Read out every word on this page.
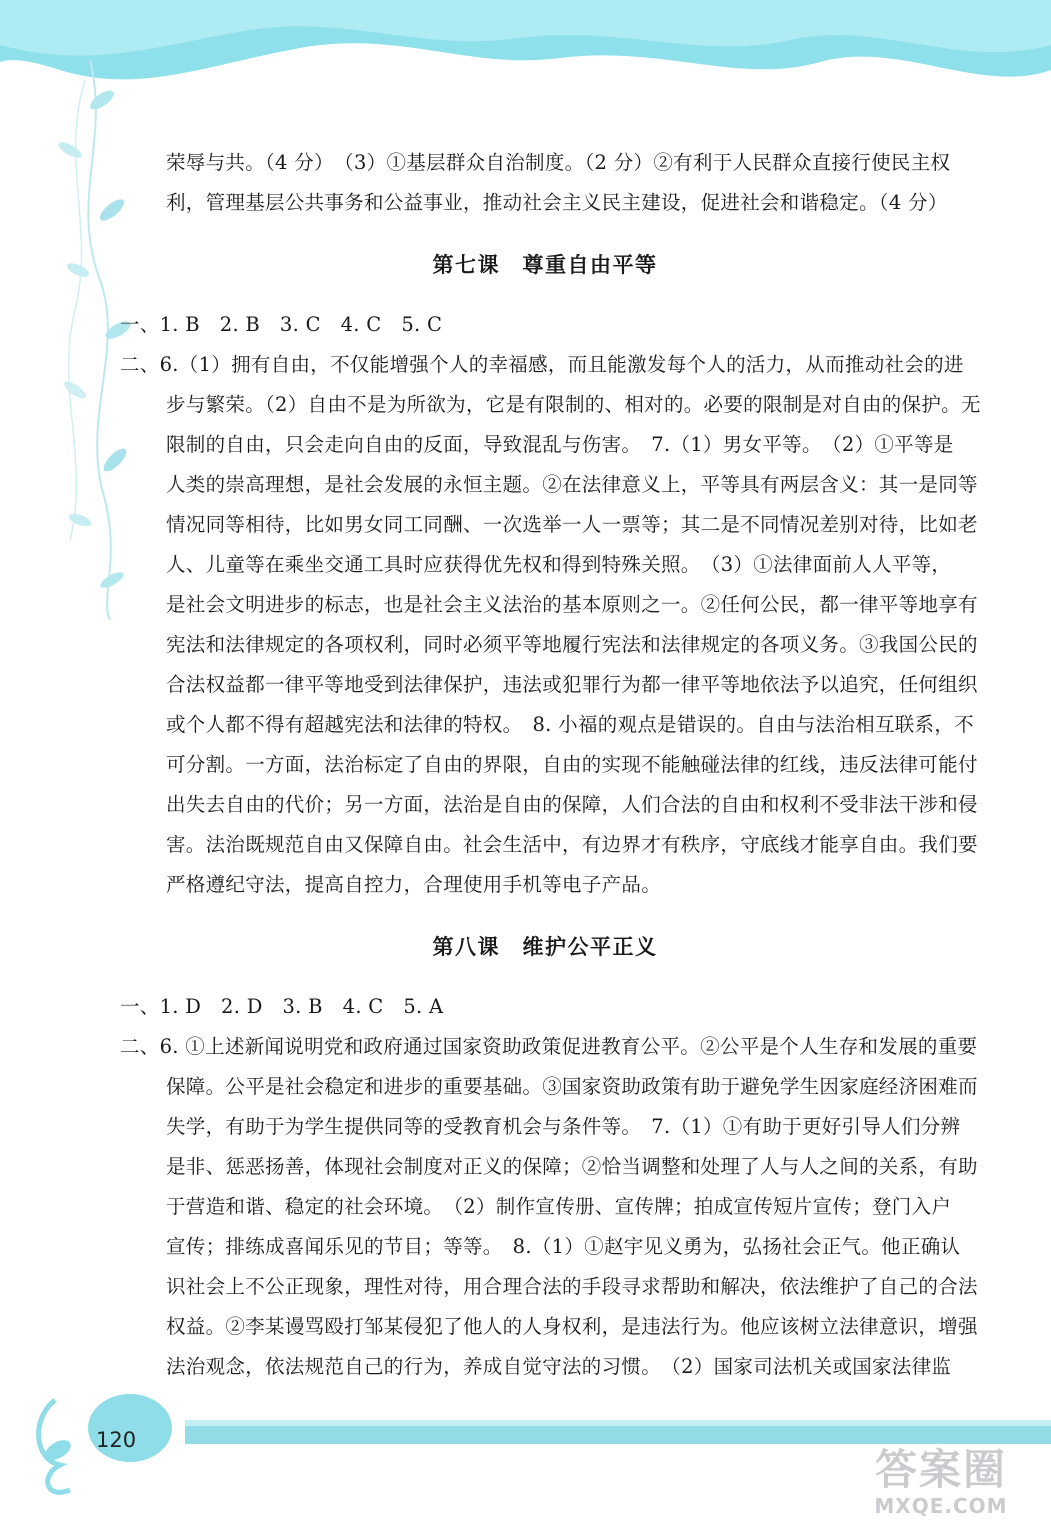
120
荣辱与共。（4 分）　（3）①基层群众自治制度。（2 分）②有利于人民群众直接行使民主权
利，管理基层公共事务和公益事业，推动社会主义民主建设，促进社会和谐稳定。（4 分）
第七课　尊重自由平等
一、1. B　2. B　3. C　4. C　5. C
二、6.（1）拥有自由，不仅能增强个人的幸福感，而且能激发每个人的活力，从而推动社会的进
步与繁荣。（2）自由不是为所欲为，它是有限制的、相对的。必要的限制是对自由的保护。无
限制的自由，只会走向自由的反面，导致混乱与伤害。　7.（1）男女平等。　（2）①平等是
人类的崇高理想，是社会发展的永恒主题。②在法律意义上，平等具有两层含义：其一是同等
情况同等相待，比如男女同工同酬、一次选举一人一票等；其二是不同情况差别对待，比如老
人、儿童等在乘坐交通工具时应获得优先权和得到特殊关照。　（3）①法律面前人人平等，
是社会文明进步的标志，也是社会主义法治的基本原则之一。②任何公民，都一律平等地享有
宪法和法律规定的各项权利，同时必须平等地履行宪法和法律规定的各项义务。③我国公民的
合法权益都一律平等地受到法律保护，违法或犯罪行为都一律平等地依法予以追究，任何组织
或个人都不得有超越宪法和法律的特权。　8. 小福的观点是错误的。自由与法治相互联系，不
可分割。一方面，法治标定了自由的界限，自由的实现不能触碰法律的红线，违反法律可能付
出失去自由的代价；另一方面，法治是自由的保障，人们合法的自由和权利不受非法干涉和侵
害。法治既规范自由又保障自由。社会生活中，有边界才有秩序，守底线才能享自由。我们要
严格遵纪守法，提高自控力，合理使用手机等电子产品。
第八课　维护公平正义
一、1. D　2. D　3. B　4. C　5. A
二、6. ①上述新闻说明党和政府通过国家资助政策促进教育公平。②公平是个人生存和发展的重要
保障。公平是社会稳定和进步的重要基础。③国家资助政策有助于避免学生因家庭经济困难而
失学，有助于为学生提供同等的受教育机会与条件等。　7.（1）①有助于更好引导人们分辨
是非、惩恶扬善，体现社会制度对正义的保障；②恰当调整和处理了人与人之间的关系，有助
于营造和谐、稳定的社会环境。　（2）制作宣传册、宣传牌；拍成宣传短片宣传；登门入户
宣传；排练成喜闻乐见的节目；等等。　8.（1）①赵宇见义勇为，弘扬社会正气。他正确认
识社会上不公正现象，理性对待，用合理合法的手段寻求帮助和解决，依法维护了自己的合法
权益。②李某谩骂殴打邹某侵犯了他人的人身权利，是违法行为。他应该树立法律意识，增强
法治观念，依法规范自己的行为，养成自觉守法的习惯。　（2）国家司法机关或国家法律监
答案圈
MXQE.COM
